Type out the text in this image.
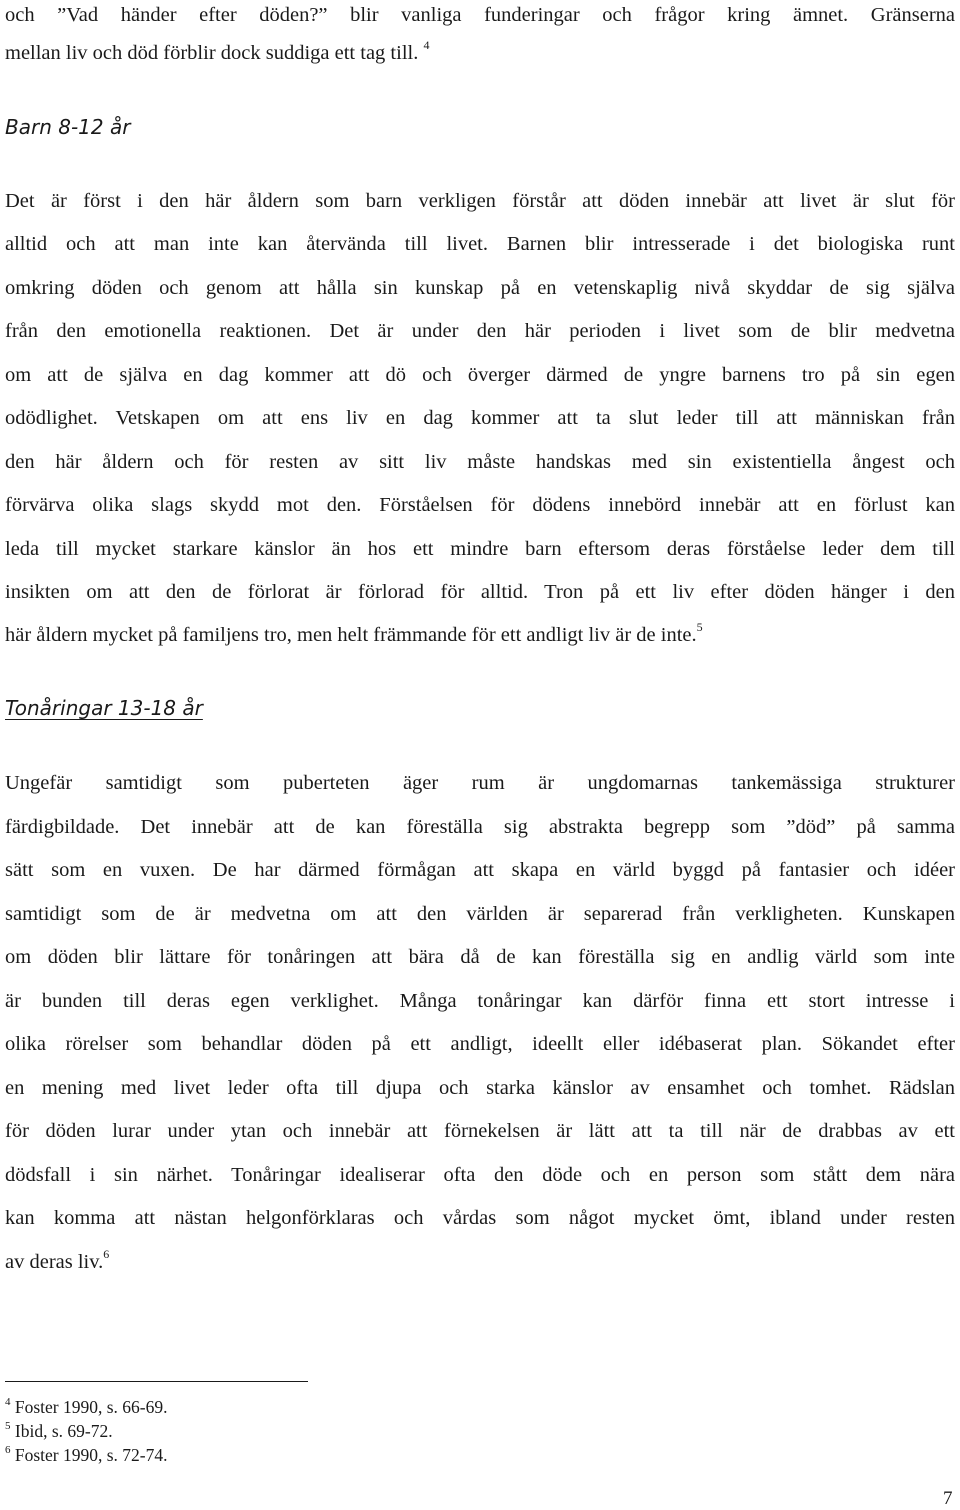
och ”Vad händer efter döden?” blir vanliga funderingar och frågor kring ämnet. Gränserna
mellan liv och död förblir dock suddiga ett tag till. $^4$
Barn 8-12 år
Det är först i den här åldern som barn verkligen förstår att döden innebär att livet är slut för
alltid och att man inte kan återvända till livet. Barnen blir intresserade i det biologiska runt
omkring döden och genom att hålla sin kunskap på en vetenskaplig nivå skyddar de sig själva
från den emotionella reaktionen. Det är under den här perioden i livet som de blir medvetna
om att de själva en dag kommer att dö och överger därmed de yngre barnens tro på sin egen
odödlighet. Vetskapen om att ens liv en dag kommer att ta slut leder till att människan från
den här åldern och för resten av sitt liv måste handskas med sin existentiella ångest och
förvärva olika slags skydd mot den. Förståelsen för dödens innebörd innebär att en förlust kan
leda till mycket starkare känslor än hos ett mindre barn eftersom deras förståelse leder dem till
insikten om att den de förlorat är förlorad för alltid. Tron på ett liv efter döden hänger i den
här åldern mycket på familjens tro, men helt främmande för ett andligt liv är de inte.$^5$
Tonåringar 13-18 år
Ungefär samtidigt som puberteten äger rum är ungdomarnas tankemässiga strukturer
färdigbildade. Det innebär att de kan föreställa sig abstrakta begrepp som ”död” på samma
sätt som en vuxen. De har därmed förmågan att skapa en värld byggd på fantasier och idéer
samtidigt som de är medvetna om att den världen är separerad från verkligheten. Kunskapen
om döden blir lättare för tonåringen att bära då de kan föreställa sig en andlig värld som inte
är bunden till deras egen verklighet. Många tonåringar kan därför finna ett stort intresse i
olika rörelser som behandlar döden på ett andligt, ideellt eller idébaserat plan. Sökandet efter
en mening med livet leder ofta till djupa och starka känslor av ensamhet och tomhet. Rädslan
för döden lurar under ytan och innebär att förnekelsen är lätt att ta till när de drabbas av ett
dödsfall i sin närhet. Tonåringar idealiserar ofta den döde och en person som stått dem nära
kan komma att nästan helgonförklaras och vårdas som något mycket ömt, ibland under resten
av deras liv.$^6$
$^4$ Foster 1990, s. 66-69.
$^5$ Ibid, s. 69-72.
$^6$ Foster 1990, s. 72-74.
7
